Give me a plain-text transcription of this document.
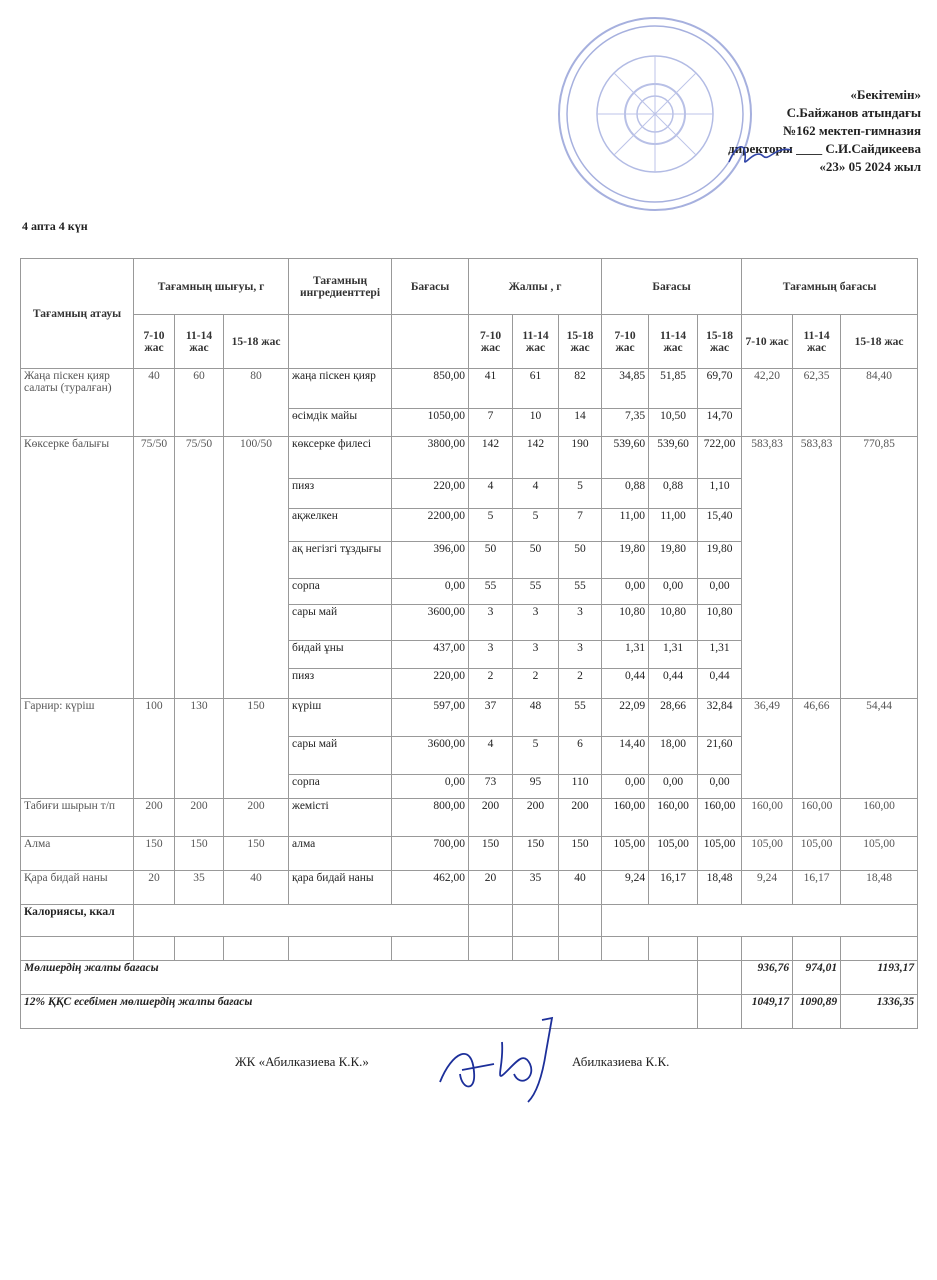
«Бекітемін»
С.Байжанов атындағы
№162 мектеп-гимназия
директоры ____ С.И.Сайдикеева
«23» 05 2024 жыл
4 апта 4 күн
Тағамның атауы	Тағамның шығуы, г			Тағамның ингредиенттері	Бағасы	Жалпы , г			Бағасы			Тағамның бағасы		
	7-10 жас	11-14 жас	15-18 жас			7-10 жас	11-14 жас	15-18 жас	7-10 жас	11-14 жас	15-18 жас	7-10 жас	11-14 жас	15-18 жас
Жаңа піскен қияр салаты (туралған)	40	60	80	жаңа піскен қияр	850,00	41	61	82	34,85	51,85	69,70	42,20	62,35	84,40
				өсімдік майы	1050,00	7	10	14	7,35	10,50	14,70			
Көксерке балығы	75/50	75/50	100/50	көксерке филесі	3800,00	142	142	190	539,60	539,60	722,00	583,83	583,83	770,85
				пияз	220,00	4	4	5	0,88	0,88	1,10			
				ақжелкен	2200,00	5	5	7	11,00	11,00	15,40			
				ақ негізгі тұздығы	396,00	50	50	50	19,80	19,80	19,80			
				сорпа	0,00	55	55	55	0,00	0,00	0,00			
				сары май	3600,00	3	3	3	10,80	10,80	10,80			
				бидай ұны	437,00	3	3	3	1,31	1,31	1,31			
				пияз	220,00	2	2	2	0,44	0,44	0,44			
Гарнир: күріш	100	130	150	күріш	597,00	37	48	55	22,09	28,66	32,84	36,49	46,66	54,44
				сары май	3600,00	4	5	6	14,40	18,00	21,60			
				сорпа	0,00	73	95	110	0,00	0,00	0,00			
Табиғи шырын т/п	200	200	200	жемісті	800,00	200	200	200	160,00	160,00	160,00	160,00	160,00	160,00
Алма	150	150	150	алма	700,00	150	150	150	105,00	105,00	105,00	105,00	105,00	105,00
Қара бидай наны	20	35	40	қара бидай наны	462,00	20	35	40	9,24	16,17	18,48	9,24	16,17	18,48
Калориясы, ккал														

Мөлшердің жалпы бағасы												936,76	974,01	1193,17
12% ҚҚС есебімен мөлшердің жалпы бағасы												1049,17	1090,89	1336,35
ЖК «Абилказиева К.К.»	Абилказиева К.К.
